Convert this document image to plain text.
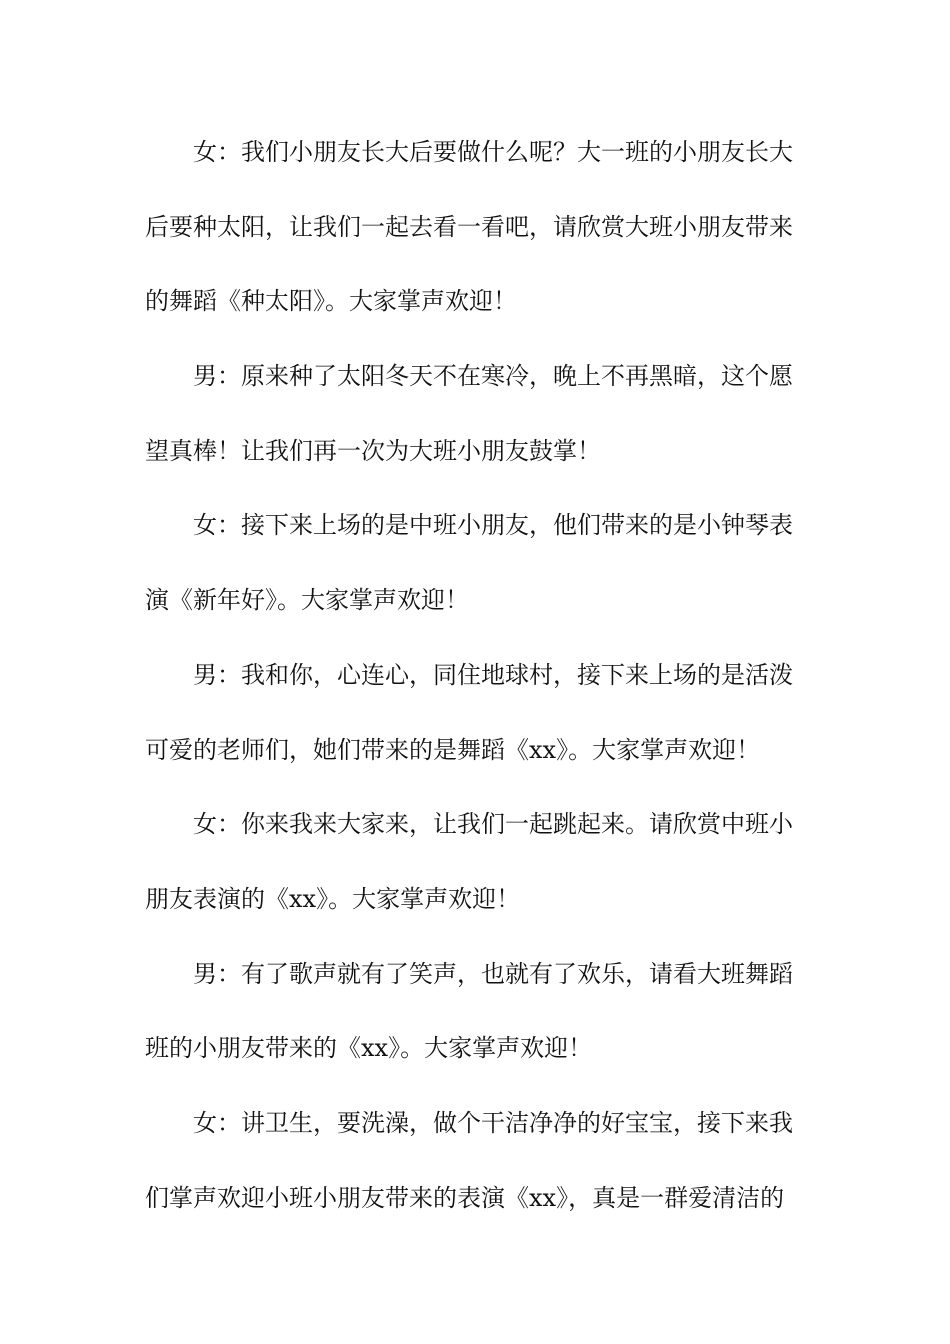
女：我们小朋友长大后要做什么呢？大一班的小朋友长大
后要种太阳，让我们一起去看一看吧，请欣赏大班小朋友带来
的舞蹈《种太阳》。大家掌声欢迎！
男：原来种了太阳冬天不在寒冷，晚上不再黑暗，这个愿
望真棒！让我们再一次为大班小朋友鼓掌！
女：接下来上场的是中班小朋友，他们带来的是小钟琴表
演《新年好》。大家掌声欢迎！
男：我和你，心连心，同住地球村，接下来上场的是活泼
可爱的老师们，她们带来的是舞蹈《xx》。大家掌声欢迎！
女：你来我来大家来，让我们一起跳起来。请欣赏中班小
朋友表演的《xx》。大家掌声欢迎！
男：有了歌声就有了笑声，也就有了欢乐，请看大班舞蹈
班的小朋友带来的《xx》。大家掌声欢迎！
女：讲卫生，要洗澡，做个干洁净净的好宝宝，接下来我
们掌声欢迎小班小朋友带来的表演《xx》，真是一群爱清洁的
